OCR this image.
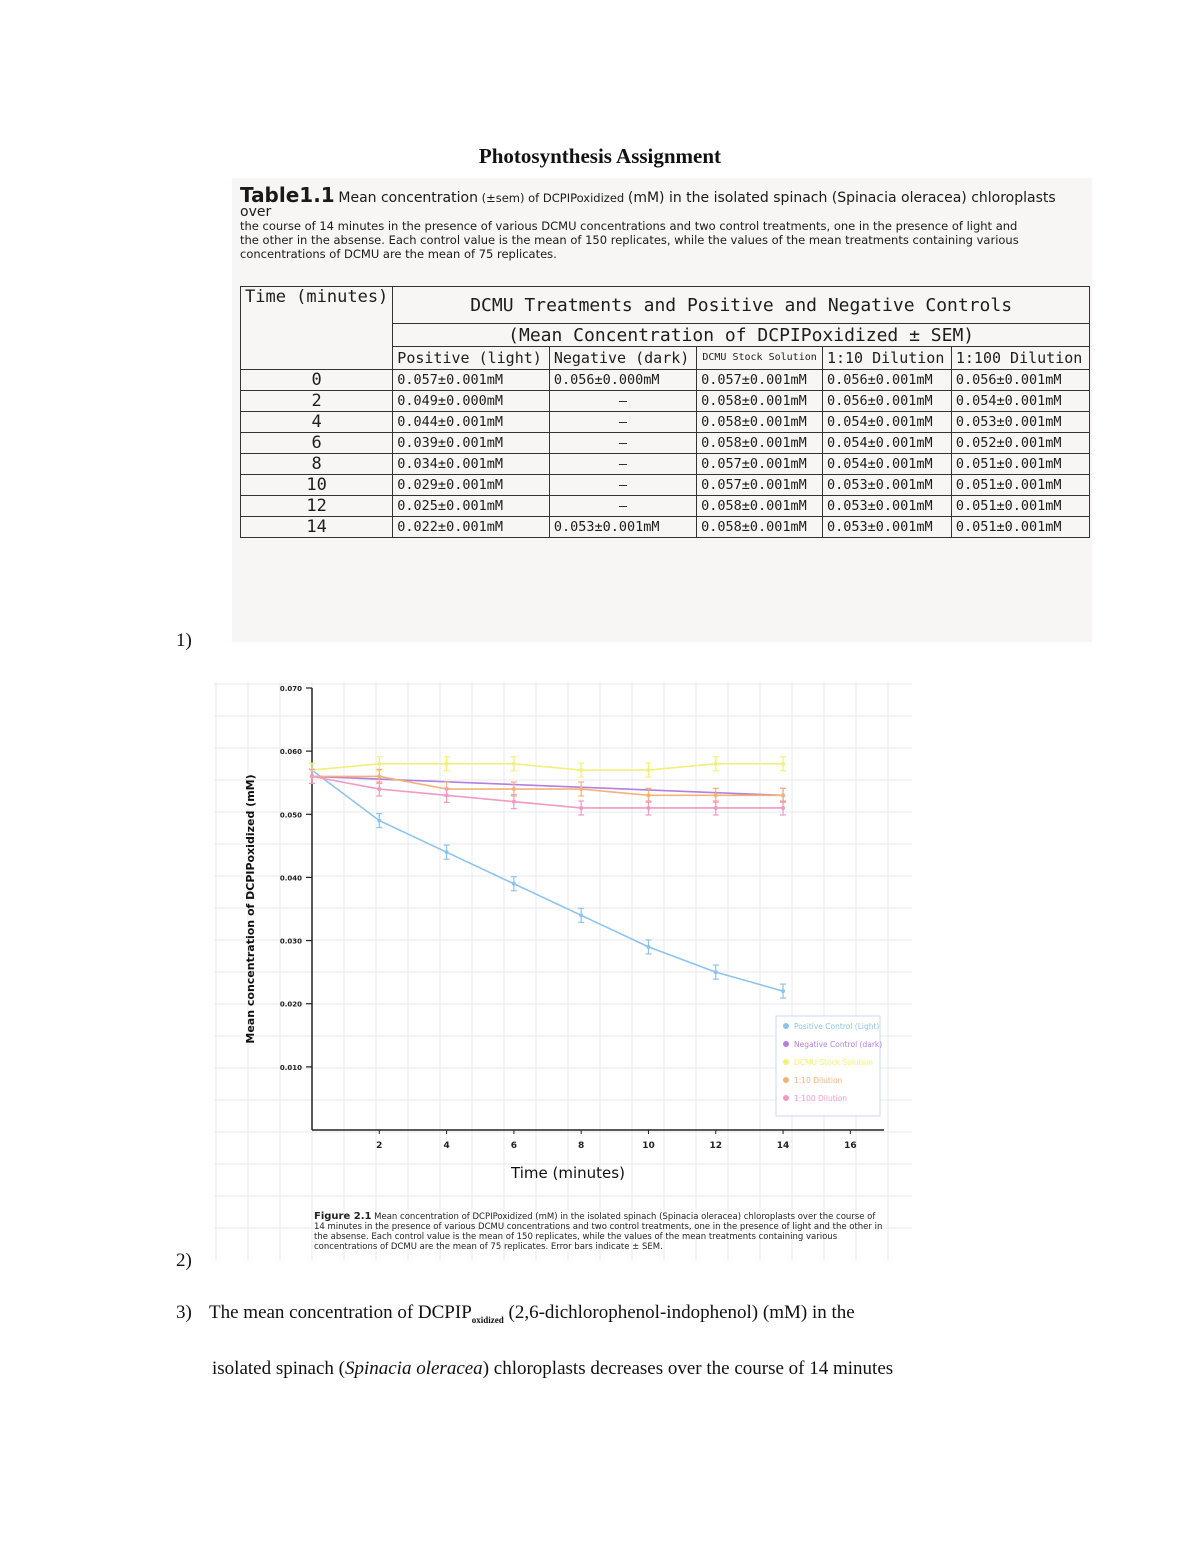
Photosynthesis Assignment
Table1.1 Mean concentration (±sem) of DCPIPoxidized (mM) in the isolated spinach (Spinacia oleracea) chloroplasts over
the course of 14 minutes in the presence of various DCMU concentrations and two control treatments, one in the presence of light and
the other in the absense. Each control value is the mean of 150 replicates, while the values of the mean treatments containing various
concentrations of DCMU are the mean of 75 replicates.
Time (minutes)	DCMU Treatments and Positive and Negative Controls				
	(Mean Concentration of DCPIPoxidized ± SEM)				
	Positive (light)	Negative (dark)	DCMU Stock Solution	1:10 Dilution	1:100 Dilution
0	0.057±0.001mM	0.056±0.000mM	0.057±0.001mM	0.056±0.001mM	0.056±0.001mM
2	0.049±0.000mM	—	0.058±0.001mM	0.056±0.001mM	0.054±0.001mM
4	0.044±0.001mM	—	0.058±0.001mM	0.054±0.001mM	0.053±0.001mM
6	0.039±0.001mM	—	0.058±0.001mM	0.054±0.001mM	0.052±0.001mM
8	0.034±0.001mM	—	0.057±0.001mM	0.054±0.001mM	0.051±0.001mM
10	0.029±0.001mM	—	0.057±0.001mM	0.053±0.001mM	0.051±0.001mM
12	0.025±0.001mM	—	0.058±0.001mM	0.053±0.001mM	0.051±0.001mM
14	0.022±0.001mM	0.053±0.001mM	0.058±0.001mM	0.053±0.001mM	0.051±0.001mM
1)
0.070
0.060
0.050
0.040
0.030
0.020
0.010
2	4	6	8	10	12	14	16
Time (minutes)
Mean concentration of DCPIPoxidized (mM)	Positive Control (Light)
Negative Control (dark)
DCMU Stock Solution
1:10 Dilution
1:100 Dilution
Figure 2.1 Mean concentration of DCPIPoxidized (mM) in the isolated spinach (Spinacia oleracea) chloroplasts over the course of 14 minutes in the presence of various DCMU concentrations and two control treatments, one in the presence of light and the other in the absense. Each control value is the mean of 150 replicates, while the values of the mean treatments containing various concentrations of DCMU are the mean of 75 replicates. Error bars indicate ± SEM.
2)
3) The mean concentration of $DCPIP_{oxidized}$ (2,6-dichlorophenol-indophenol) (mM) in the
isolated spinach (Spinacia oleracea) chloroplasts decreases over the course of 14 minutes
